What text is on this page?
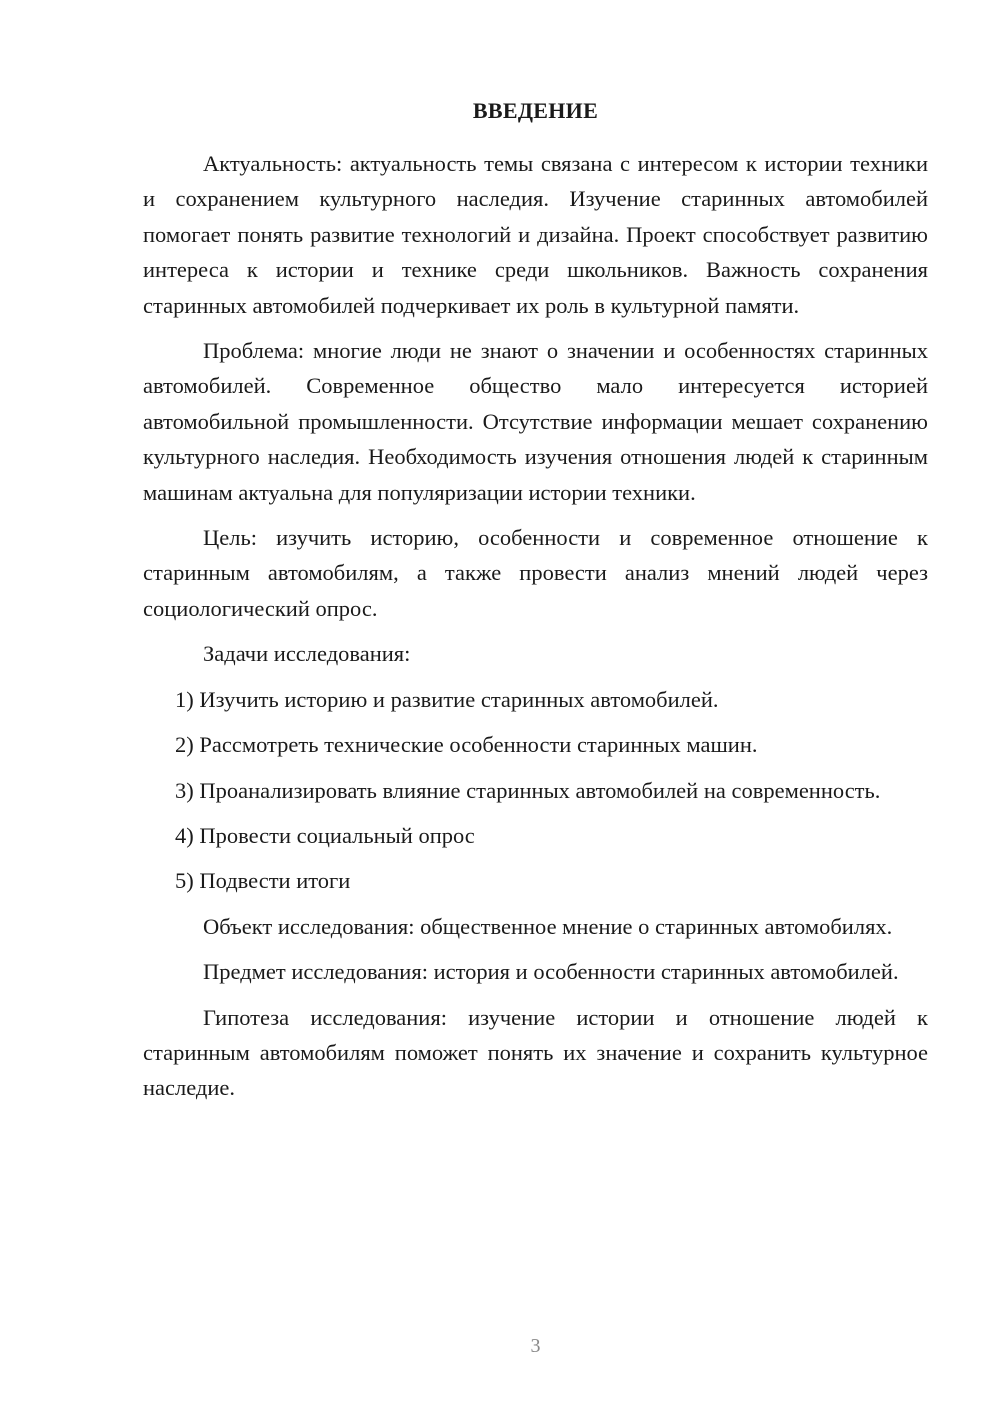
ВВЕДЕНИЕ

Актуальность: актуальность темы связана с интересом к истории техники и сохранением культурного наследия. Изучение старинных автомобилей помогает понять развитие технологий и дизайна. Проект способствует развитию интереса к истории и технике среди школьников. Важность сохранения старинных автомобилей подчеркивает их роль в культурной памяти.

Проблема: многие люди не знают о значении и особенностях старинных автомобилей. Современное общество мало интересуется историей автомобильной промышленности. Отсутствие информации мешает сохранению культурного наследия. Необходимость изучения отношения людей к старинным машинам актуальна для популяризации истории техники.

Цель: изучить историю, особенности и современное отношение к старинным автомобилям, а также провести анализ мнений людей через социологический опрос.

Задачи исследования:

1) Изучить историю и развитие старинных автомобилей.

2) Рассмотреть технические особенности старинных машин.

3) Проанализировать влияние старинных автомобилей на современность.

4) Провести социальный опрос

5) Подвести итоги

Объект исследования: общественное мнение о старинных автомобилях.

Предмет исследования: история и особенности старинных автомобилей.

Гипотеза исследования: изучение истории и отношение людей к старинным автомобилям поможет понять их значение и сохранить культурное наследие.

3
